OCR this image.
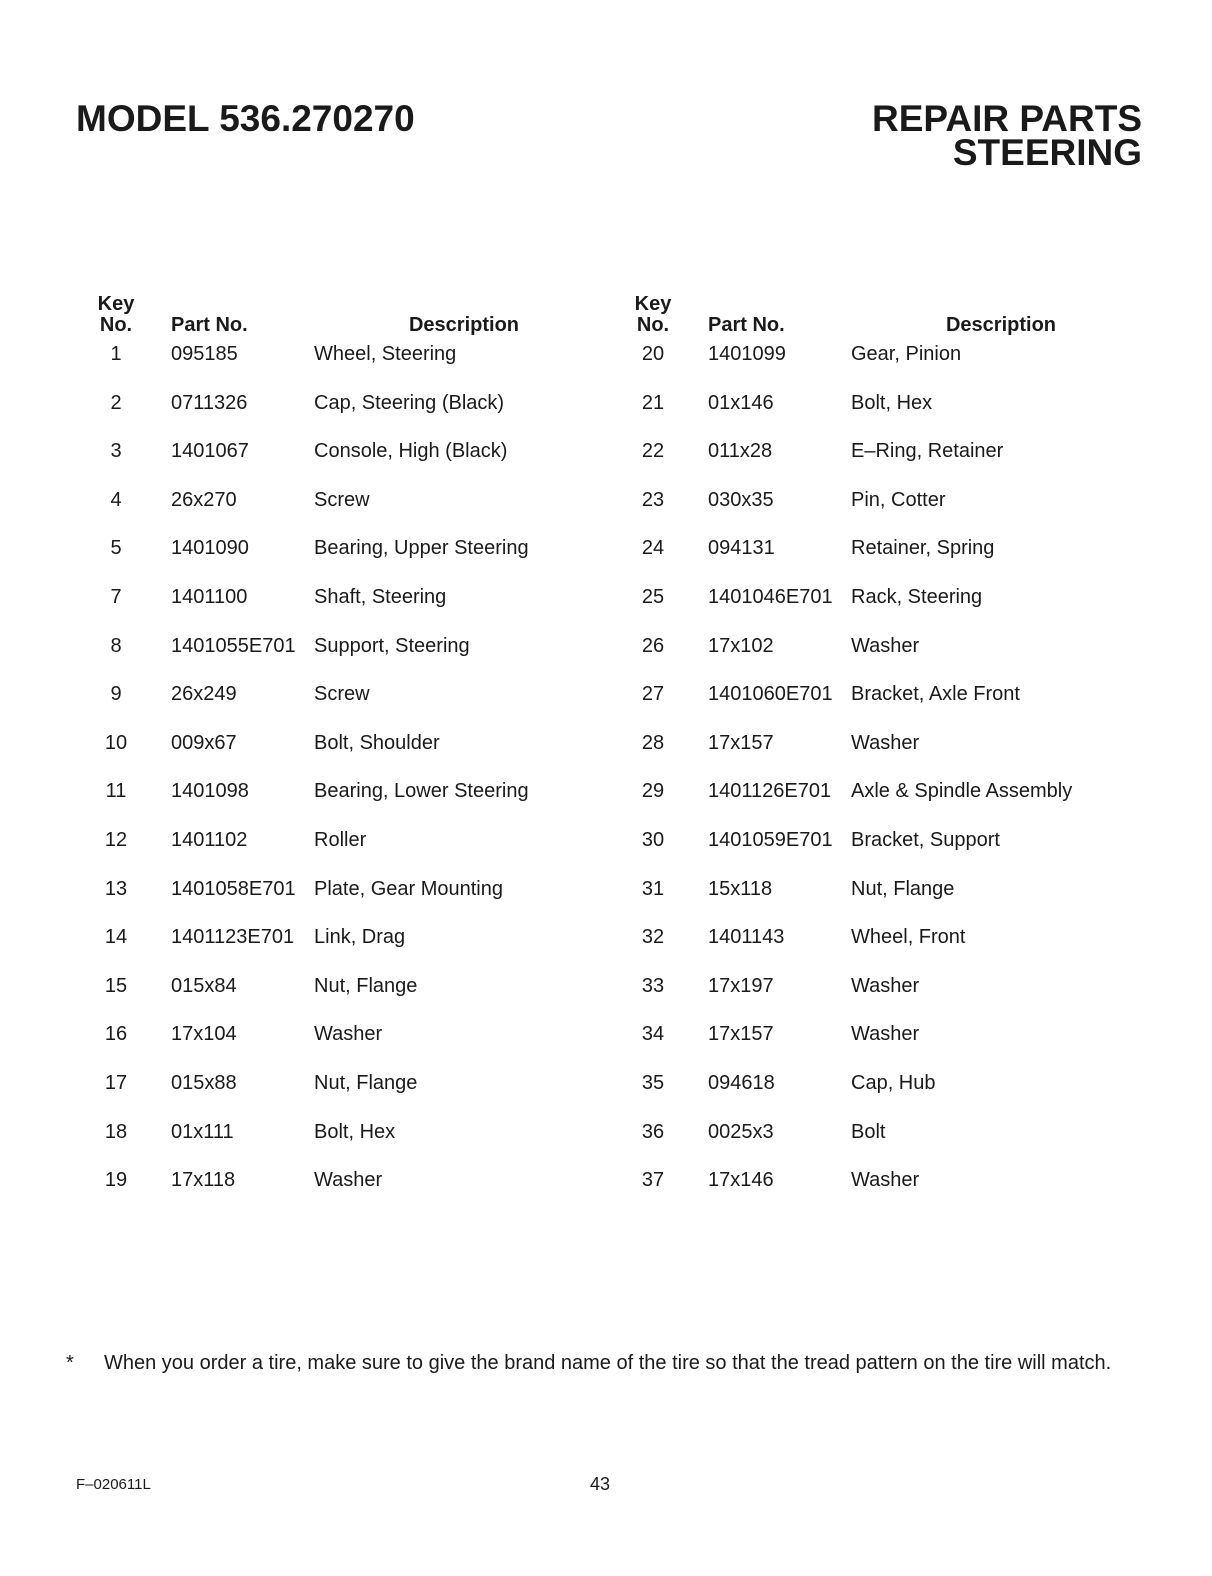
MODEL 536.270270	REPAIR PARTS
STEERING
Key
No.	Part No.	Description
1	095185	Wheel, Steering
2	0711326	Cap, Steering (Black)
3	1401067	Console, High (Black)
4	26x270	Screw
5	1401090	Bearing, Upper Steering
7	1401100	Shaft, Steering
8	1401055E701	Support, Steering
9	26x249	Screw
10	009x67	Bolt, Shoulder
11	1401098	Bearing, Lower Steering
12	1401102	Roller
13	1401058E701	Plate, Gear Mounting
14	1401123E701	Link, Drag
15	015x84	Nut, Flange
16	17x104	Washer
17	015x88	Nut, Flange
18	01x111	Bolt, Hex
19	17x118	Washer
Key
No.	Part No.	Description
20	1401099	Gear, Pinion
21	01x146	Bolt, Hex
22	011x28	E–Ring, Retainer
23	030x35	Pin, Cotter
24	094131	Retainer, Spring
25	1401046E701	Rack, Steering
26	17x102	Washer
27	1401060E701	Bracket, Axle Front
28	17x157	Washer
29	1401126E701	Axle & Spindle Assembly
30	1401059E701	Bracket, Support
31	15x118	Nut, Flange
32	1401143	Wheel, Front
33	17x197	Washer
34	17x157	Washer
35	094618	Cap, Hub
36	0025x3	Bolt
37	17x146	Washer

* When you order a tire, make sure to give the brand name of the tire so that the tread pattern on the tire will match.

F–020611L	43
